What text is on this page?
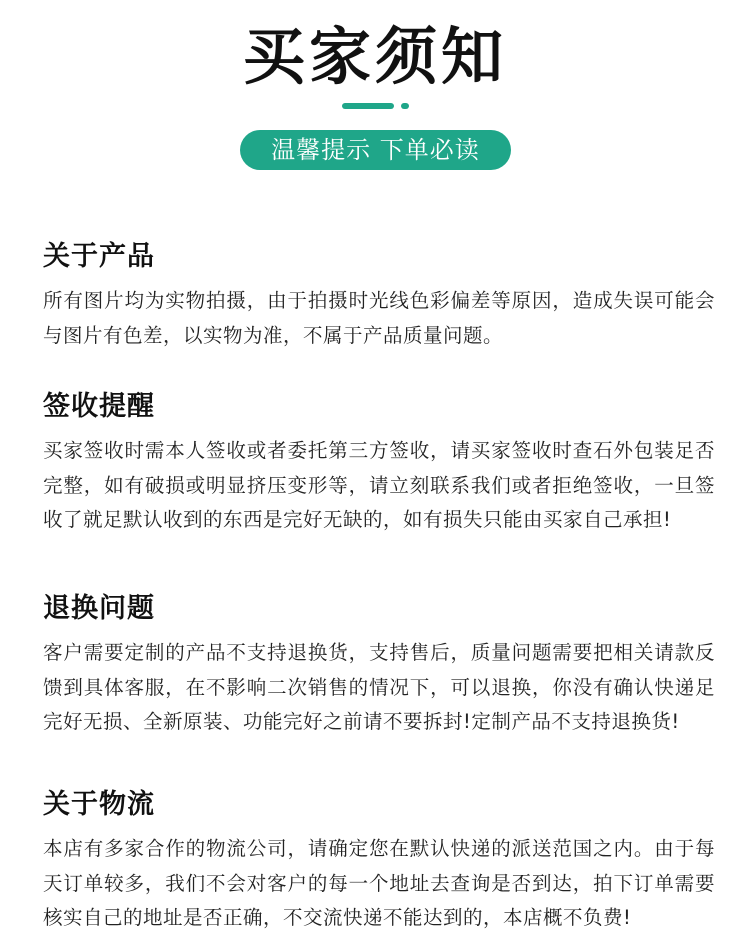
买家须知
温馨提示 下单必读
关于产品

所有图片均为实物拍摄，由于拍摄时光线色彩偏差等原因，造成失误可能会与图片有色差，以实物为准，不属于产品质量问题。

签收提醒

买家签收时需本人签收或者委托第三方签收，请买家签收时查石外包装足否完整，如有破损或明显挤压变形等，请立刻联系我们或者拒绝签收，一旦签收了就足默认收到的东西是完好无缺的，如有损失只能由买家自己承担!

退换问题

客户需要定制的产品不支持退换货，支持售后，质量问题需要把相关请款反馈到具体客服，在不影响二次销售的情况下，可以退换，你没有确认快递足完好无损、全新原装、功能完好之前请不要拆封!定制产品不支持退换货!

关于物流

本店有多家合作的物流公司，请确定您在默认快递的派送范国之内。由于每天订单较多，我们不会对客户的每一个地址去查询是否到达，拍下订单需要核实自己的地址是否正确，不交流快递不能达到的，本店概不负费!
